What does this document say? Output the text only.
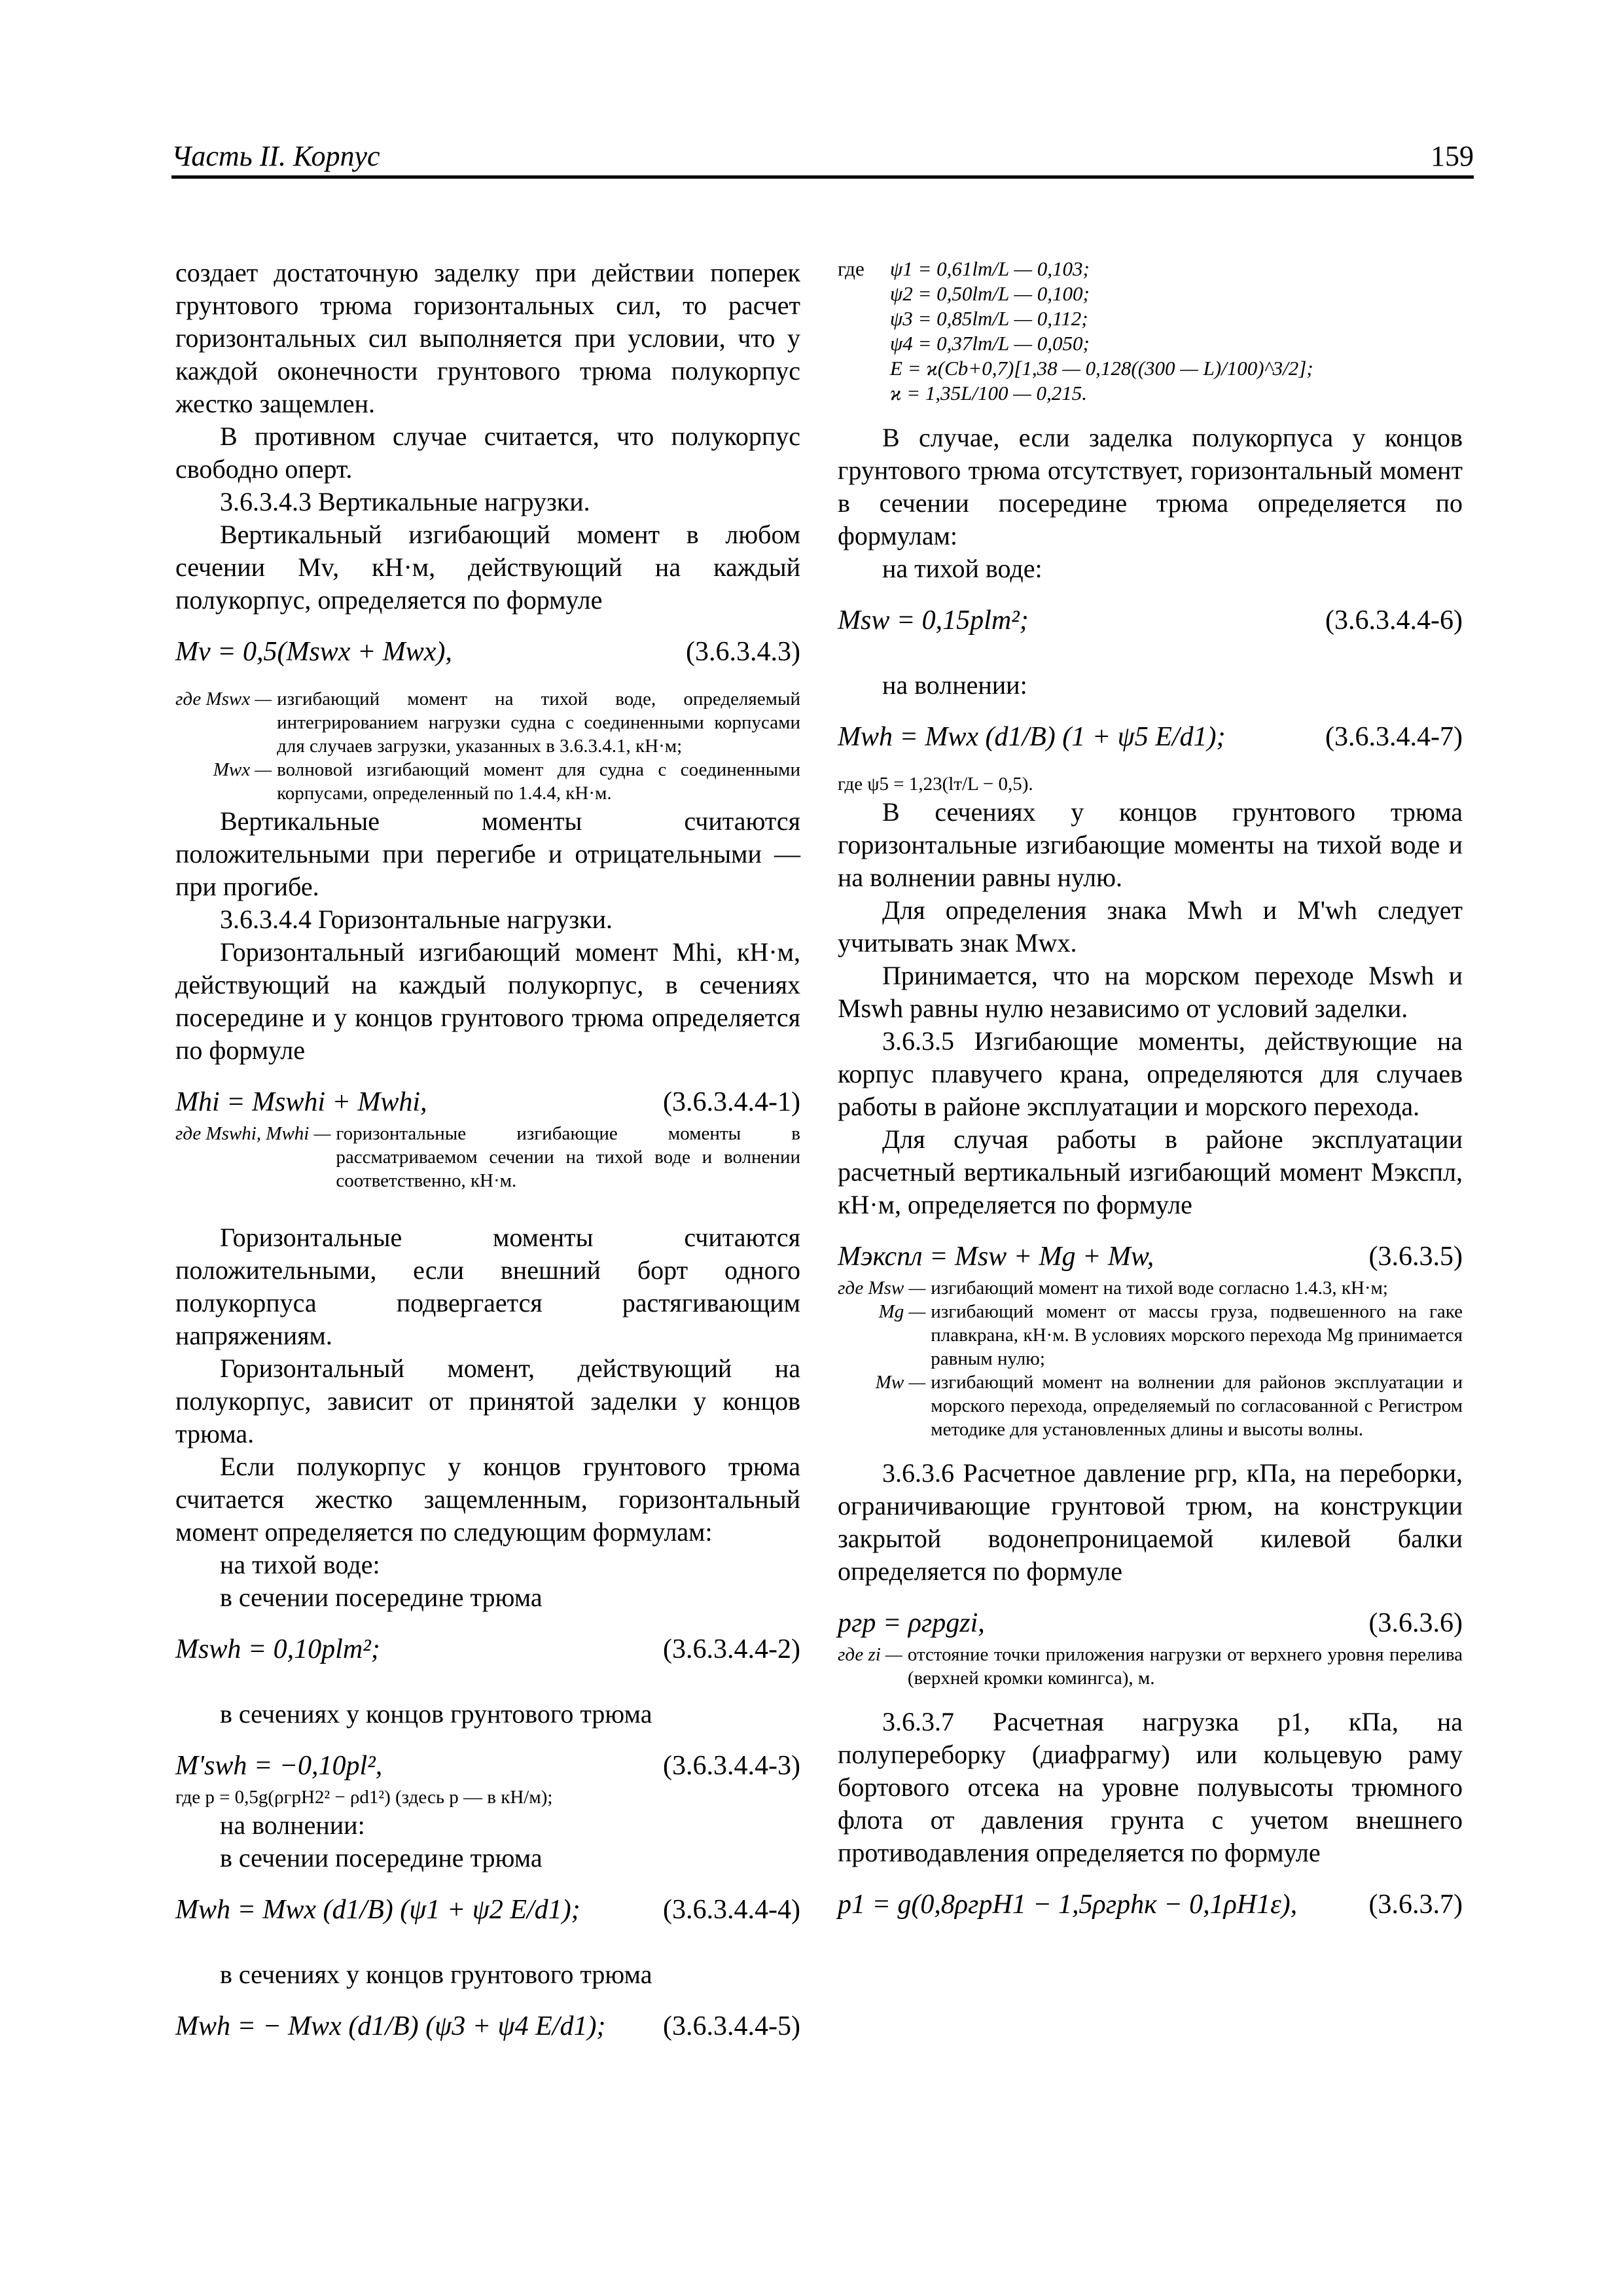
Часть II. Корпус	159

создает достаточную заделку при действии поперек грунтового трюма горизонтальных сил, то расчет горизонтальных сил выполняется при условии, что у каждой оконечности грунтового трюма полукорпус жестко защемлен.

В противном случае считается, что полукорпус свободно оперт.

3.6.3.4.3 Вертикальные нагрузки.

Вертикальный изгибающий момент в любом сечении Mv, кН·м, действующий на каждый полукорпус, определяется по формуле

Mv = 0,5(Mswx + Mwx),	(3.6.3.4.3)
где Mswx — изгибающий момент на тихой воде, определяемый интегрированием нагрузки судна с соединенными корпусами для случаев загрузки, указанных в 3.6.3.4.1, кН·м;
Mwx — волновой изгибающий момент для судна с соединенными корпусами, определенный по 1.4.4, кН·м.

Вертикальные моменты считаются положительными при перегибе и отрицательными — при прогибе.

3.6.3.4.4 Горизонтальные нагрузки.

Горизонтальный изгибающий момент Mhi, кН·м, действующий на каждый полукорпус, в сечениях посередине и у концов грунтового трюма определяется по формуле

Mhi = Mswhi + Mwhi,	(3.6.3.4.4-1)
где Mswhi, Mwhi — горизонтальные изгибающие моменты в рассматриваемом сечении на тихой воде и волнении соответственно, кН·м.

Горизонтальные моменты считаются положительными, если внешний борт одного полукорпуса подвергается растягивающим напряжениям.

Горизонтальный момент, действующий на полукорпус, зависит от принятой заделки у концов трюма.

Если полукорпус у концов грунтового трюма считается жестко защемленным, горизонтальный момент определяется по следующим формулам:

на тихой воде:

в сечении посередине трюма

Mswh = 0,10plт²;	(3.6.3.4.4-2)

в сечениях у концов грунтового трюма

M'swh = −0,10pl²,	(3.6.3.4.4-3)

где p = 0,5g(ρгрH2² − ρd1²) (здесь p — в кН/м);

на волнении:

в сечении посередине трюма

Mwh = Mwx (d1/B) (ψ1 + ψ2 E/d1);	(3.6.3.4.4-4)

в сечениях у концов грунтового трюма

Mwh = − Mwx (d1/B) (ψ3 + ψ4 E/d1); (3.6.3.4.4-5)
где	ψ1 = 0,61lт/L — 0,103;
ψ2 = 0,50lт/L — 0,100;
ψ3 = 0,85lт/L — 0,112;
ψ4 = 0,37lт/L — 0,050;
E = ϰ(Cb+0,7)[1,38 — 0,128((300 — L)/100)^3/2];
ϰ = 1,35L/100 — 0,215.

В случае, если заделка полукорпуса у концов грунтового трюма отсутствует, горизонтальный момент в сечении посередине трюма определяется по формулам:

на тихой воде:

Msw = 0,15plт²;	(3.6.3.4.4-6)

на волнении:

Mwh = Mwx (d1/B) (1 + ψ5 E/d1);	(3.6.3.4.4-7)

где ψ5 = 1,23(lт/L − 0,5).

В сечениях у концов грунтового трюма горизонтальные изгибающие моменты на тихой воде и на волнении равны нулю.

Для определения знака Mwh и M'wh следует учитывать знак Mwx.

Принимается, что на морском переходе Mswh и Mswh равны нулю независимо от условий заделки.

3.6.3.5 Изгибающие моменты, действующие на корпус плавучего крана, определяются для случаев работы в районе эксплуатации и морского перехода.

Для случая работы в районе эксплуатации расчетный вертикальный изгибающий момент Mэкспл, кН·м, определяется по формуле

Mэкспл = Msw + Mg + Mw,	(3.6.3.5)
где Msw — изгибающий момент на тихой воде согласно 1.4.3, кН·м;
Mg — изгибающий момент от массы груза, подвешенного на гаке плавкрана, кН·м. В условиях морского перехода Mg принимается равным нулю;
Mw — изгибающий момент на волнении для районов эксплуатации и морского перехода, определяемый по согласованной с Регистром методике для установленных длины и высоты волны.

3.6.3.6 Расчетное давление pгр, кПа, на переборки, ограничивающие грунтовой трюм, на конструкции закрытой водонепроницаемой килевой балки определяется по формуле

pгр = ρгрgzi,	(3.6.3.6)
где zi — отстояние точки приложения нагрузки от верхнего уровня перелива (верхней кромки комингса), м.

3.6.3.7 Расчетная нагрузка p1, кПа, на полупереборку (диафрагму) или кольцевую раму бортового отсека на уровне полувысоты трюмного флота от давления грунта с учетом внешнего противодавления определяется по формуле

p1 = g(0,8ρгрH1 − 1,5ρгрhк − 0,1ρH1ε),	(3.6.3.7)
